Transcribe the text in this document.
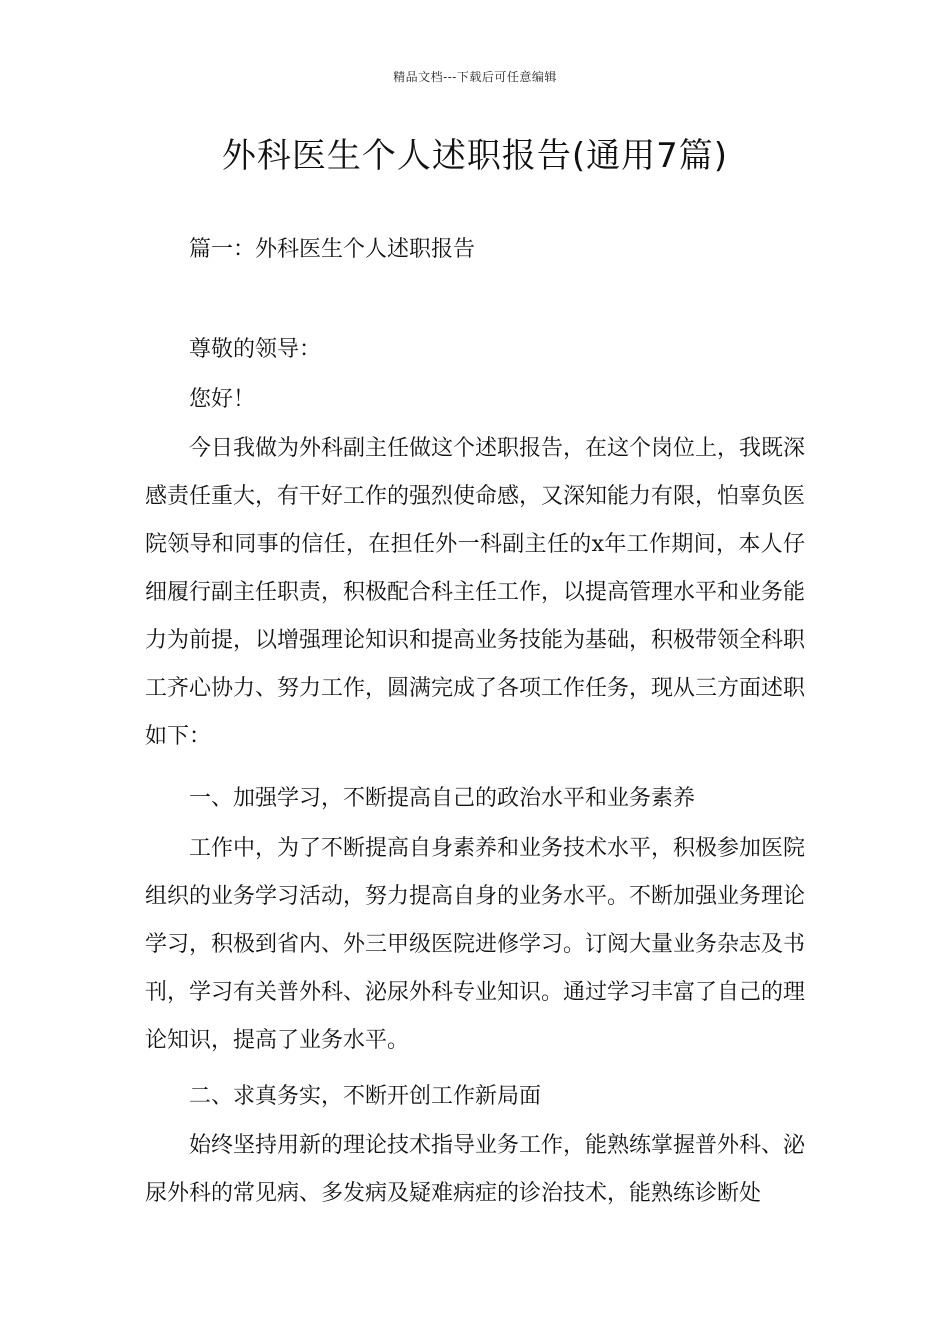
精品文档---下载后可任意编辑
外科医生个人述职报告(通用7篇)

篇一：外科医生个人述职报告

尊敬的领导：

您好！

今日我做为外科副主任做这个述职报告，在这个岗位上，我既深感责任重大，有干好工作的强烈使命感，又深知能力有限，怕辜负医院领导和同事的信任，在担任外一科副主任的x年工作期间，本人仔细履行副主任职责，积极配合科主任工作，以提高管理水平和业务能力为前提，以增强理论知识和提高业务技能为基础，积极带领全科职工齐心协力、努力工作，圆满完成了各项工作任务，现从三方面述职如下：

一、加强学习，不断提高自己的政治水平和业务素养

工作中，为了不断提高自身素养和业务技术水平，积极参加医院组织的业务学习活动，努力提高自身的业务水平。不断加强业务理论学习，积极到省内、外三甲级医院进修学习。订阅大量业务杂志及书刊，学习有关普外科、泌尿外科专业知识。通过学习丰富了自己的理论知识，提高了业务水平。

二、求真务实，不断开创工作新局面

始终坚持用新的理论技术指导业务工作，能熟练掌握普外科、泌尿外科的常见病、多发病及疑难病症的诊治技术，能熟练诊断处
